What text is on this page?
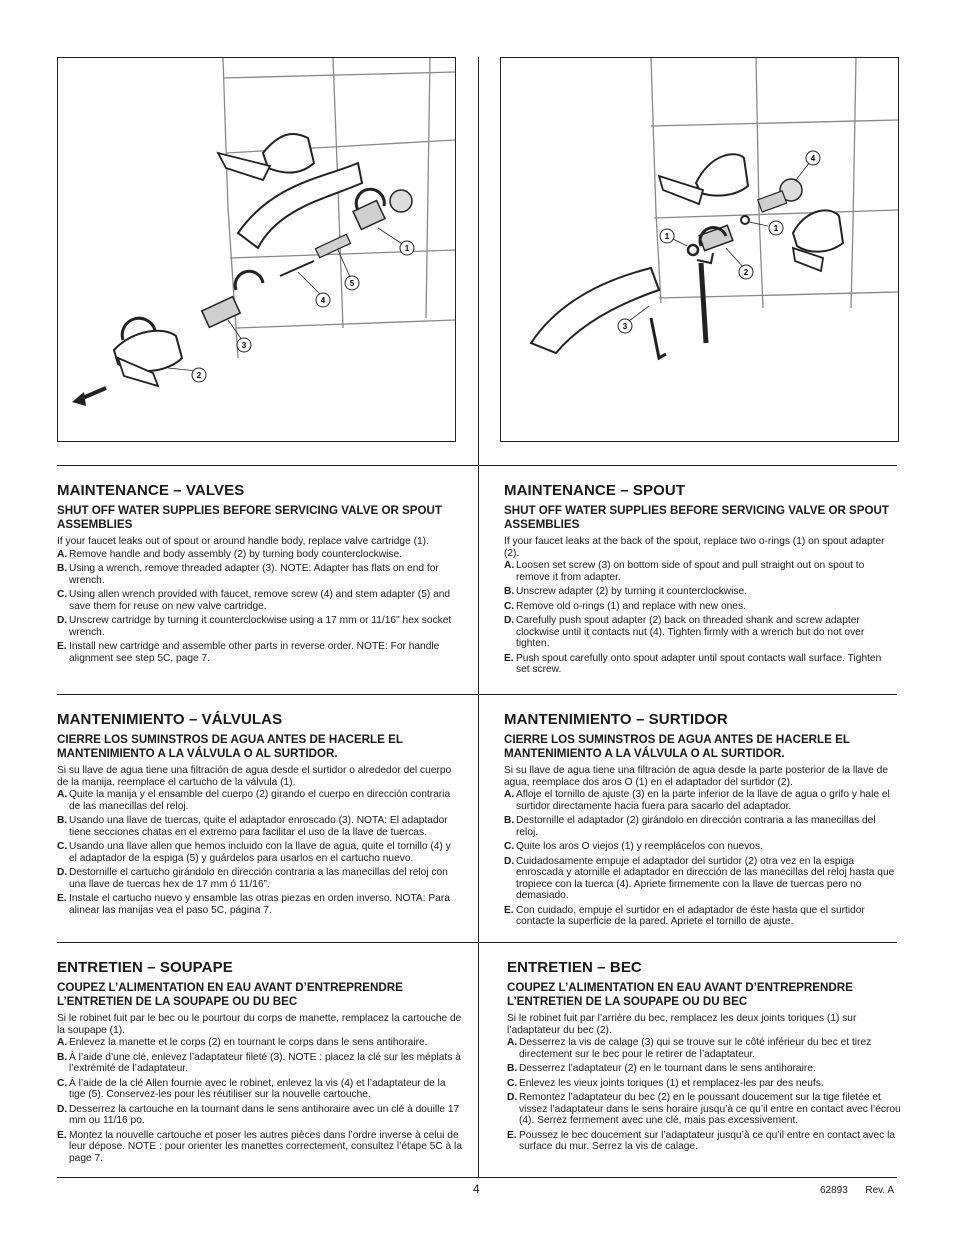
1
2
3
4
5
1
1
2
3
4
MAINTENANCE – VALVES

SHUT OFF WATER SUPPLIES BEFORE SERVICING VALVE OR SPOUT ASSEMBLIES

If your faucet leaks out of spout or around handle body, replace valve cartridge (1).

A. Remove handle and body assembly (2) by turning body counterclockwise.
B. Using a wrench, remove threaded adapter (3). NOTE: Adapter has flats on end for wrench.
C. Using allen wrench provided with faucet, remove screw (4) and stem adapter (5) and save them for reuse on new valve cartridge.
D. Unscrew cartridge by turning it counterclockwise using a 17 mm or 11/16" hex socket wrench.
E. Install new cartridge and assemble other parts in reverse order. NOTE: For handle alignment see step 5C, page 7.
MAINTENANCE – SPOUT

SHUT OFF WATER SUPPLIES BEFORE SERVICING VALVE OR SPOUT ASSEMBLIES

If your faucet leaks at the back of the spout, replace two o-rings (1) on spout adapter (2).

A. Loosen set screw (3) on bottom side of spout and pull straight out on spout to remove it from adapter.
B. Unscrew adapter (2) by turning it counterclockwise.
C. Remove old o-rings (1) and replace with new ones.
D. Carefully push spout adapter (2) back on threaded shank and screw adapter clockwise until it contacts nut (4). Tighten firmly with a wrench but do not over tighten.
E. Push spout carefully onto spout adapter until spout contacts wall surface. Tighten set screw.
MANTENIMIENTO – VÁLVULAS

CIERRE LOS SUMINSTROS DE AGUA ANTES DE HACERLE EL MANTENIMIENTO A LA VÁLVULA O AL SURTIDOR.

Si su llave de agua tiene una filtración de agua desde el surtidor o alrededor del cuerpo de la manija, reemplace el cartucho de la válvula (1).

A. Quite la manija y el ensamble del cuerpo (2) girando el cuerpo en dirección contraria de las manecillas del reloj.
B. Usando una llave de tuercas, quite el adaptador enroscado (3). NOTA: El adaptador tiene secciones chatas en el extremo para facilitar el uso de la llave de tuercas.
C. Usando una llave allen que hemos incluido con la llave de agua, quite el tornillo (4) y el adaptador de la espiga (5) y guárdelos para usarlos en el cartucho nuevo.
D. Destornille el cartucho girándolo en dirección contraria a las manecillas del reloj con una llave de tuercas hex de 17 mm ó 11/16”.
E. Instale el cartucho nuevo y ensamble las otras piezas en orden inverso. NOTA: Para alinear las manijas vea el paso 5C, página 7.
MANTENIMIENTO – SURTIDOR

CIERRE LOS SUMINSTROS DE AGUA ANTES DE HACERLE EL MANTENIMIENTO A LA VÁLVULA O AL SURTIDOR.

Si su llave de agua tiene una filtración de agua desde la parte posterior de la llave de agua, reemplace dos aros O (1) en el adaptador del surtidor (2).

A. Afloje el tornillo de ajuste (3) en la parte inferior de la llave de agua o grifo y hale el surtidor directamente hacia fuera para sacarlo del adaptador.
B. Destornille el adaptador (2) girándolo en dirección contraria a las manecillas del reloj.
C. Quite los aros O viejos (1) y reemplácelos con nuevos.
D. Cuidadosamente empuje el adaptador del surtidor (2) otra vez en la espiga enroscada y atornille el adaptador en dirección de las manecillas del reloj hasta que tropiece con la tuerca (4). Apriete firmemente con la llave de tuercas pero no demasiado.
E. Con cuidado, empuje el surtidor en el adaptador de éste hasta que el surtidor contacte la superficie de la pared. Apriete el tornillo de ajuste.
ENTRETIEN – SOUPAPE

COUPEZ L’ALIMENTATION EN EAU AVANT D’ENTREPRENDRE L’ENTRETIEN DE LA SOUPAPE OU DU BEC

Si le robinet fuit par le bec ou le pourtour du corps de manette, remplacez la cartouche de la soupape (1).

A. Enlevez la manette et le corps (2) en tournant le corps dans le sens antihoraire.
B. À l’aide d’une clé, enlevez l’adaptateur fileté (3). NOTE : placez la clé sur les méplats à l’extrémité de l’adaptateur.
C. À l’aide de la clé Allen fournie avec le robinet, enlevez la vis (4) et l’adaptateur de la tige (5). Conservez-les pour les réutiliser sur la nouvelle cartouche.
D. Desserrez la cartouche en la tournant dans le sens antihoraire avec un clé à douille 17 mm ou 11/16 po.
E. Montez la nouvelle cartouche et poser les autres pièces dans l’ordre inverse à celui de leur dépose. NOTE : pour orienter les manettes correctement, consultez l’étape 5C à la page 7.
ENTRETIEN – BEC

COUPEZ L’ALIMENTATION EN EAU AVANT D’ENTREPRENDRE L’ENTRETIEN DE LA SOUPAPE OU DU BEC

Si le robinet fuit par l’arrière du bec, remplacez les deux joints toriques (1) sur l’adaptateur du bec (2).

A. Desserrez la vis de calage (3) qui se trouve sur le côté inférieur du bec et tirez directement sur le bec pour le retirer de l’adaptateur.
B. Desserrez l’adaptateur (2) en le tournant dans le sens antihoraire.
C. Enlevez les vieux joints toriques (1) et remplacez-les par des neufs.
D. Remontez l’adaptateur du bec (2) en le poussant doucement sur la tige filetée et vissez l’adaptateur dans le sens horaire jusqu’à ce qu’il entre en contact avec l’écrou (4). Serrez fermement avec une clé, mais pas excessivement.
E. Poussez le bec doucement sur l’adaptateur jusqu’à ce qu’il entre en contact avec la surface du mur. Serrez la vis de calage.
4	62893 Rev. A
